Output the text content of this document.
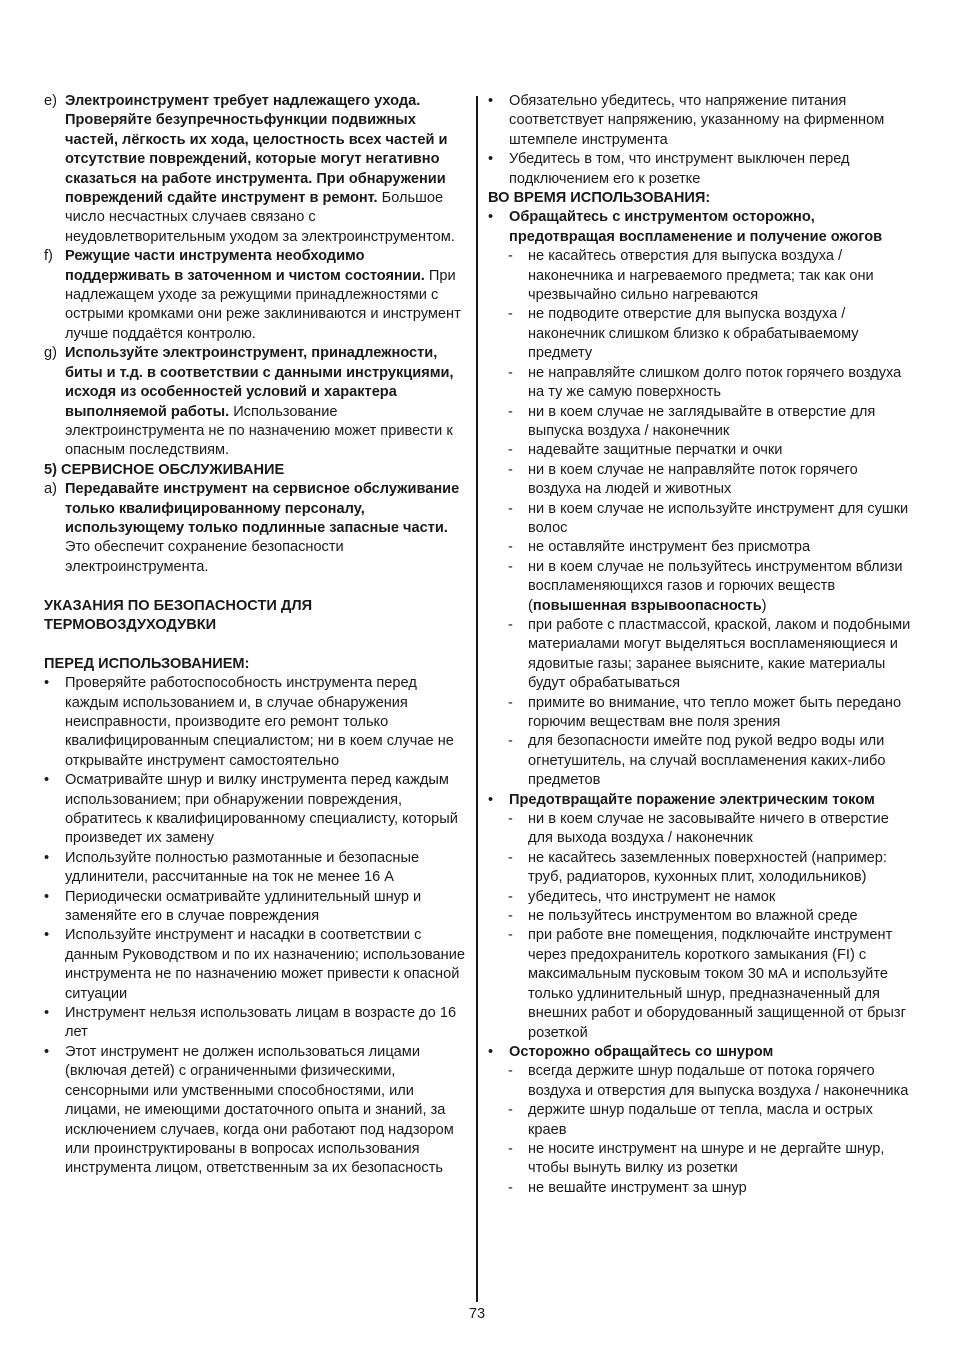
e) Электроинструмент требует надлежащего ухода. Проверяйте безупречностьфункции подвижных частей, лёгкость их хода, целостность всех частей и отсутствие повреждений, которые могут негативно сказаться на работе инструмента. При обнаружении повреждений сдайте инструмент в ремонт. Большое число несчастных случаев связано с неудовлетворительным уходом за электроинструментом.
f) Режущие части инструмента необходимо поддерживать в заточенном и чистом состоянии. При надлежащем уходе за режущими принадлежностями с острыми кромками они реже заклиниваются и инструмент лучше поддаётся контролю.
g) Используйте электроинструмент, принадлежности, биты и т.д. в соответствии с данными инструкциями, исходя из особенностей условий и характера выполняемой работы. Использование электроинструмента не по назначению может привести к опасным последствиям.
5) СЕРВИСНОЕ ОБСЛУЖИВАНИЕ
a) Передавайте инструмент на сервисное обслуживание только квалифицированному персоналу, использующему только подлинные запасные части. Это обеспечит сохранение безопасности электроинструмента.
УКАЗАНИЯ ПО БЕЗОПАСНОСТИ ДЛЯ
ТЕРМОВОЗДУХОДУВКИ
ПЕРЕД ИСПОЛЬЗОВАНИЕМ:
•	Проверяйте работоспособность инструмента перед каждым использованием и, в случае обнаружения неисправности, производите его ремонт только квалифицированным специалистом; ни в коем случае не открывайте инструмент самостоятельно
•	Осматривайте шнур и вилку инструмента перед каждым использованием; при обнаружении повреждения, обратитесь к квалифицированному специалисту, который произведет их замену
•	Используйте полностью размотанные и безопасные удлинители, рассчитанные на ток не менее 16 А
•	Периодически осматривайте удлинительный шнур и заменяйте его в случае повреждения
•	Используйте инструмент и насадки в соответствии с данным Руководством и по их назначению; использование инструмента не по назначению может привести к опасной ситуации
•	Инструмент нельзя использовать лицам в возрасте до 16 лет
•	Этот инструмент не должен использоваться лицами (включая детей) с ограниченными физическими, сенсорными или умственными способностями, или лицами, не имеющими достаточного опыта и знаний, за исключением случаев, когда они работают под надзором или проинструктированы в вопросах использования инструмента лицом, ответственным за их безопасность
•	Обязательно убедитесь, что напряжение питания соответствует напряжению, указанному на фирменном штемпеле инструмента
•	Убедитесь в том, что инструмент выключен перед подключением его к розетке
ВО ВРЕМЯ ИСПОЛЬЗОВАНИЯ:
•	Обращайтесь с инструментом осторожно, предотвращая воспламенение и получение ожогов
-	не касайтесь отверстия для выпуска воздуха / наконечника и нагреваемого предмета; так как они чрезвычайно сильно нагреваются
-	не подводите отверстие для выпуска воздуха / наконечник слишком близко к обрабатываемому предмету
-	не направляйте слишком долго поток горячего воздуха на ту же самую поверхность
-	ни в коем случае не заглядывайте в отверстие для выпуска воздуха / наконечник
-	надевайте защитные перчатки и очки
-	ни в коем случае не направляйте поток горячего воздуха на людей и животных
-	ни в коем случае не используйте инструмент для сушки волос
-	не оставляйте инструмент без присмотра
-	ни в коем случае не пользуйтесь инструментом вблизи воспламеняющихся газов и горючих веществ (повышенная взрывоопасность)
-	при работе с пластмассой, краской, лаком и подобными материалами могут выделяться воспламеняющиеся и ядовитые газы; заранее выясните, какие материалы будут обрабатываться
-	примите во внимание, что тепло может быть передано горючим веществам вне поля зрения
-	для безопасности имейте под рукой ведро воды или огнетушитель, на случай воспламенения каких-либо предметов
•	Предотвращайте поражение электрическим током
-	ни в коем случае не засовывайте ничего в отверстие для выхода воздуха / наконечник
-	не касайтесь заземленных поверхностей (например: труб, радиаторов, кухонных плит, холодильников)
-	убедитесь, что инструмент не намок
-	не пользуйтесь инструментом во влажной среде
-	при работе вне помещения, подключайте инструмент через предохранитель короткого замыкания (FI) с максимальным пусковым током 30 мА и используйте только удлинительный шнур, предназначенный для внешних работ и оборудованный защищенной от брызг розеткой
•	Осторожно обращайтесь со шнуром
-	всегда держите шнур подальше от потока горячего воздуха и отверстия для выпуска воздуха / наконечника
-	держите шнур подальше от тепла, масла и острых краев
-	не носите инструмент на шнуре и не дергайте шнур, чтобы вынуть вилку из розетки
-	не вешайте инструмент за шнур
73
